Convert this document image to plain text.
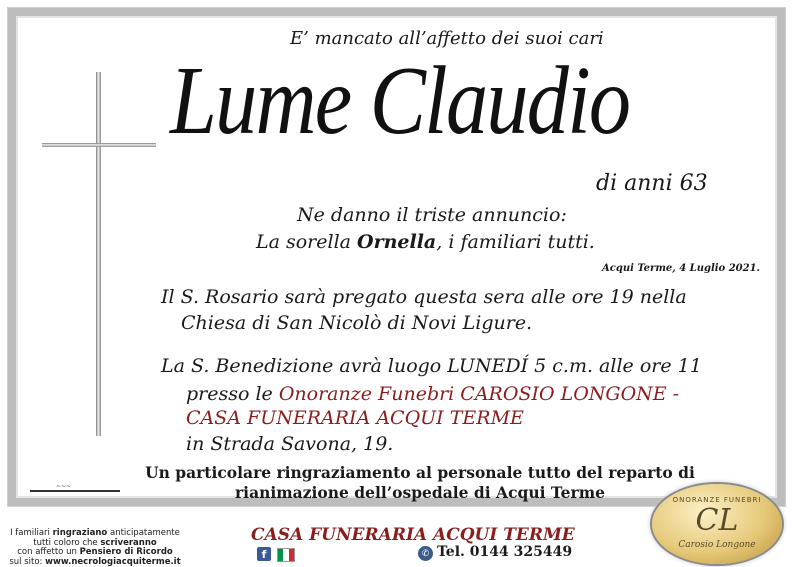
E’ mancato all’affetto dei suoi cari
Lume Claudio
di anni 63
Ne danno il triste annuncio:
La sorella Ornella, i familiari tutti.
Acqui Terme, 4 Luglio 2021.
Il S. Rosario sarà pregato questa sera alle ore 19 nella
Chiesa di San Nicolò di Novi Ligure.
La S. Benedizione avrà luogo LUNEDÍ 5 c.m. alle ore 11
presso le Onoranze Funebri CAROSIO LONGONE -
CASA FUNERARIA ACQUI TERME
in Strada Savona, 19.
Un particolare ringraziamento al personale tutto del reparto di
rianimazione dell’ospedale di Acqui Terme
~~~
I familiari ringraziano anticipatamente
tutti coloro che scriveranno
con affetto un Pensiero di Ricordo
sul sito: www.necrologiacquiterme.it
CASA FUNERARIA ACQUI TERME
f	✆ Tel. 0144 325449
ONORANZE FUNEBRI
CL
Carosio Longone
